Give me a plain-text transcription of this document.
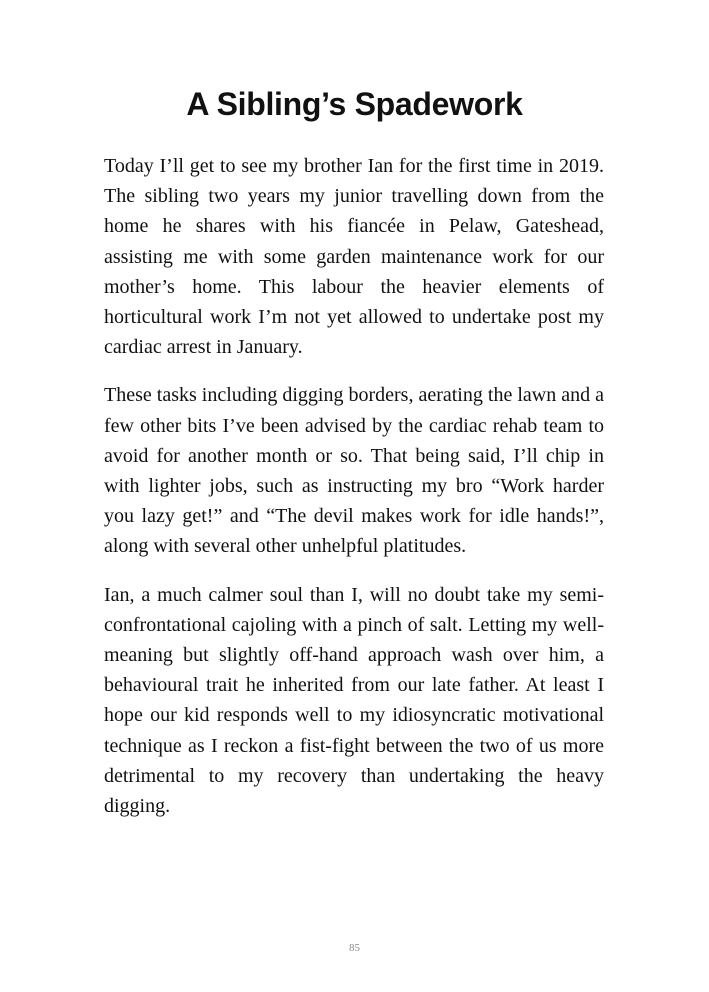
A Sibling’s Spadework

Today I’ll get to see my brother Ian for the first time in 2019. The sibling two years my junior travelling down from the home he shares with his fiancée in Pelaw, Gateshead, assisting me with some garden maintenance work for our mother’s home. This labour the heavier elements of horticultural work I’m not yet allowed to undertake post my cardiac arrest in January.

These tasks including digging borders, aerating the lawn and a few other bits I’ve been advised by the cardiac rehab team to avoid for another month or so. That being said, I’ll chip in with lighter jobs, such as instructing my bro “Work harder you lazy get!” and “The devil makes work for idle hands!”, along with several other unhelpful platitudes.

Ian, a much calmer soul than I, will no doubt take my semi-confrontational cajoling with a pinch of salt. Letting my well-meaning but slightly off-hand approach wash over him, a behavioural trait he inherited from our late father. At least I hope our kid responds well to my idiosyncratic motivational technique as I reckon a fist-fight between the two of us more detrimental to my recovery than undertaking the heavy digging.

85
